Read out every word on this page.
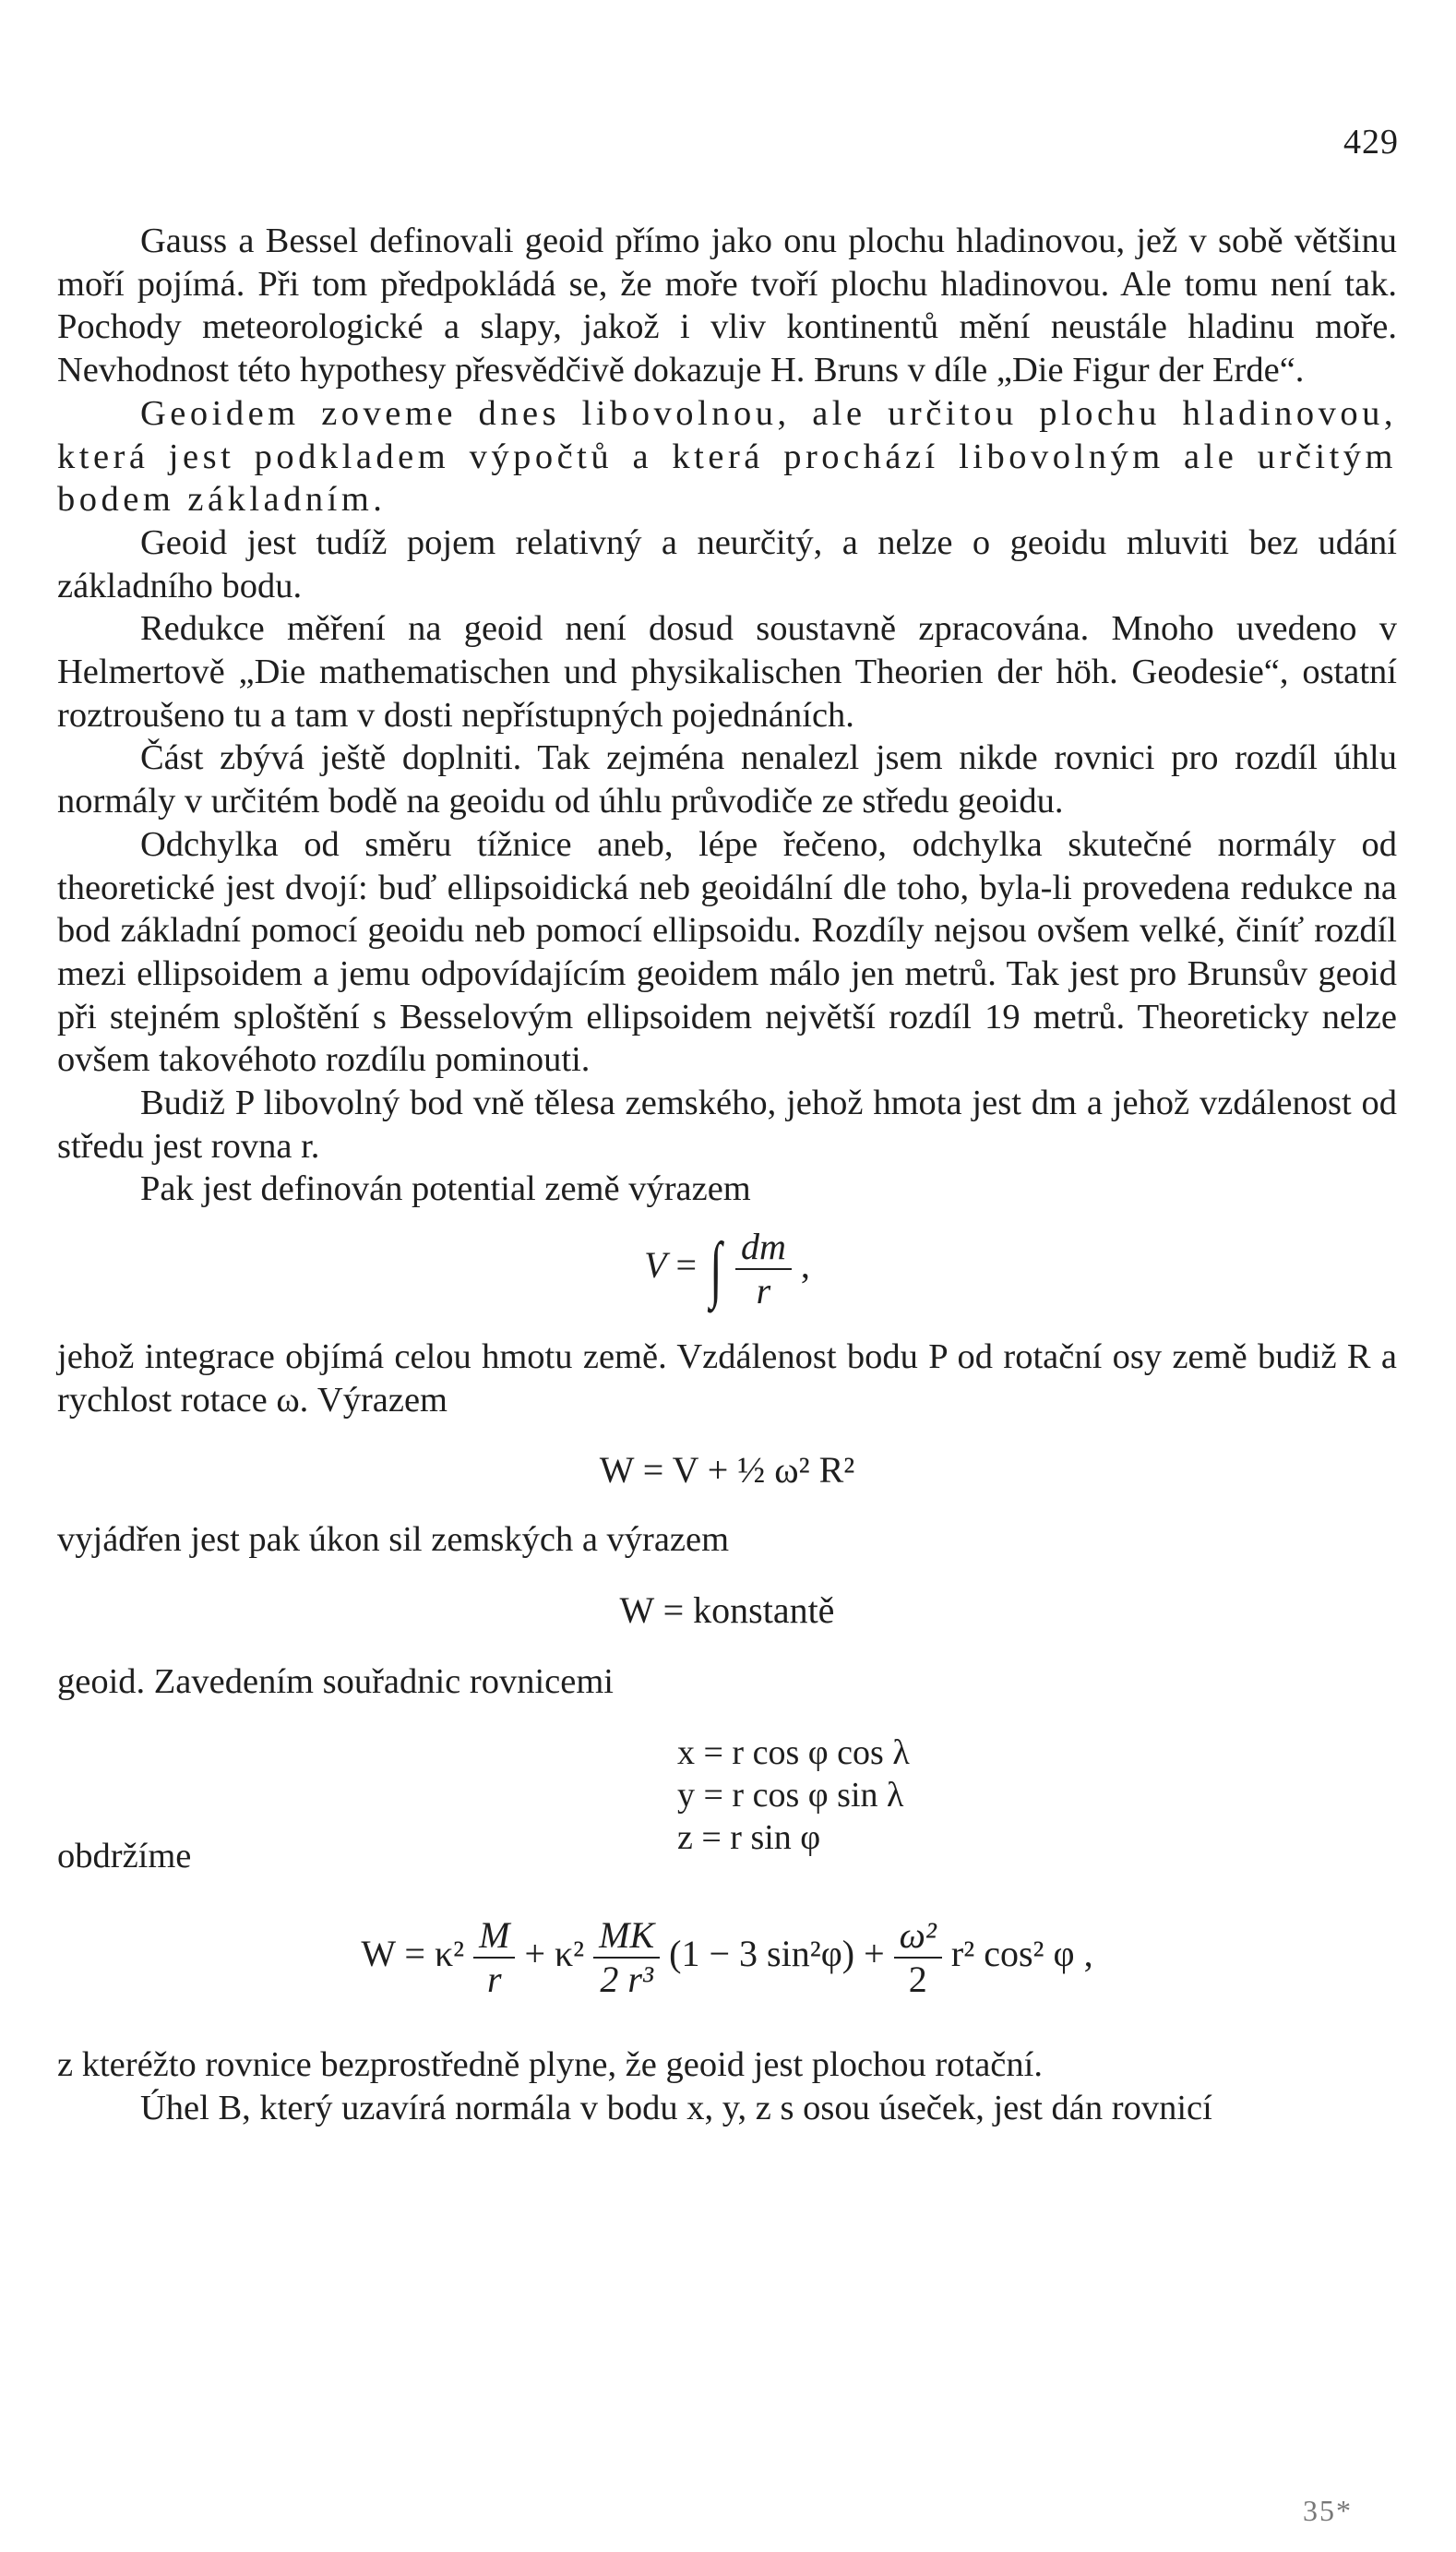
429

Gauss a Bessel definovali geoid přímo jako onu plochu hladinovou, jež v sobě většinu moří pojímá. Při tom předpokládá se, že moře tvoří plochu hladinovou. Ale tomu není tak. Pochody meteorologické a slapy, jakož i vliv kontinentů mění neustále hladinu moře. Nevhodnost této hypothesy přesvědčivě dokazuje H. Bruns v díle „Die Figur der Erde“.

Geoidem zoveme dnes libovolnou, ale určitou plochu hladinovou, která jest podkladem výpočtů a která prochází libovolným ale určitým bodem základním.

Geoid jest tudíž pojem relativný a neurčitý, a nelze o geoidu mluviti bez udání základního bodu.

Redukce měření na geoid není dosud soustavně zpracována. Mnoho uvedeno v Helmertově „Die mathematischen und physikalischen Theorien der höh. Geodesie“, ostatní roztroušeno tu a tam v dosti nepřístupných pojednáních.

Část zbývá ještě doplniti. Tak zejména nenalezl jsem nikde rovnici pro rozdíl úhlu normály v určitém bodě na geoidu od úhlu průvodiče ze středu geoidu.

Odchylka od směru tížnice aneb, lépe řečeno, odchylka skutečné normály od theoretické jest dvojí: buď ellipsoidická neb geoidální dle toho, byla-li provedena redukce na bod základní pomocí geoidu neb pomocí ellipsoidu. Rozdíly nejsou ovšem velké, činíť rozdíl mezi ellipsoidem a jemu odpovídajícím geoidem málo jen metrů. Tak jest pro Brunsův geoid při stejném sploštění s Besselovým ellipsoidem největší rozdíl 19 metrů. Theoreticky nelze ovšem takovéhoto rozdílu pominouti.

Budiž P libovolný bod vně tělesa zemského, jehož hmota jest dm a jehož vzdálenost od středu jest rovna r.

Pak jest definován potential země výrazem

V = ∫ $\frac{dm}{r}$ ,

jehož integrace objímá celou hmotu země. Vzdálenost bodu P od rotační osy země budiž R a rychlost rotace ω. Výrazem

W = V + ½ ω² R²

vyjádřen jest pak úkon sil zemských a výrazem

W = konstantě

geoid. Zavedením souřadnic rovnicemi

x = r cos φ cos λ
y = r cos φ sin λ
z = r sin φ
obdržíme
$W = \kappa^2 \frac{M}{r} + \kappa^2 \frac{MK}{\text{2 r³}} (1 - 3$ $\sin^2\varphi) + \frac{\text{ω²}}{2} r^2$ cos² φ ,

z kteréžto rovnice bezprostředně plyne, že geoid jest plochou rotační.

Úhel B, který uzavírá normála v bodu x, y, z s osou úseček, jest dán rovnicí

35*
